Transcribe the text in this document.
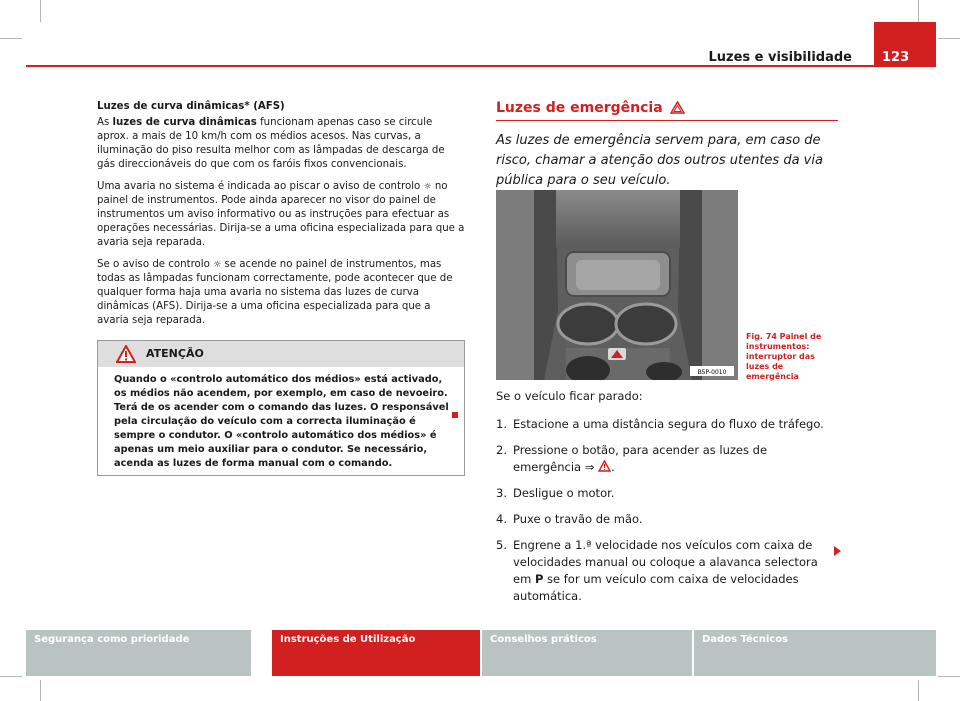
Luzes e visibilidade	123

Luzes de curva dinâmicas* (AFS)

As luzes de curva dinâmicas funcionam apenas caso se circule aprox. a mais de 10 km/h com os médios acesos. Nas curvas, a iluminação do piso resulta melhor com as lâmpadas de descarga de gás direccionáveis do que com os faróis fixos convencionais.

Uma avaria no sistema é indicada ao piscar o aviso de controlo ☼ no painel de instrumentos. Pode ainda aparecer no visor do painel de instrumentos um aviso informativo ou as instruções para efectuar as operações necessárias. Dirija-se a uma oficina especializada para que a avaria seja reparada.

Se o aviso de controlo ☼ se acende no painel de instrumentos, mas todas as lâmpadas funcionam correctamente, pode acontecer que de qualquer forma haja uma avaria no sistema das luzes de curva dinâmicas (AFS). Dirija-se a uma oficina especializada para que a avaria seja reparada.

ATENÇÃO
Quando o «controlo automático dos médios» está activado, os médios não acendem, por exemplo, em caso de nevoeiro. Terá de os acender com o comando das luzes. O responsável pela circulação do veículo com a correcta iluminação é sempre o condutor. O «controlo automático dos médios» é apenas um meio auxiliar para o condutor. Se necessário, acenda as luzes de forma manual com o comando.
Luzes de emergência
As luzes de emergência servem para, em caso de risco, chamar a atenção dos outros utentes da via pública para o seu veículo.
B5P-0010
Fig. 74 Painel de instrumentos: interruptor das luzes de emergência
Se o veículo ficar parado:
1. Estacione a uma distância segura do fluxo de tráfego.
2. Pressione o botão, para acender as luzes de emergência ⇒ .
3. Desligue o motor.
4. Puxe o travão de mão.
5. Engrene a 1.ª velocidade nos veículos com caixa de velocidades manual ou coloque a alavanca selectora em P se for um veículo com caixa de velocidades automática.
Segurança como prioridade	Instruções de Utilização	Conselhos práticos	Dados Técnicos
